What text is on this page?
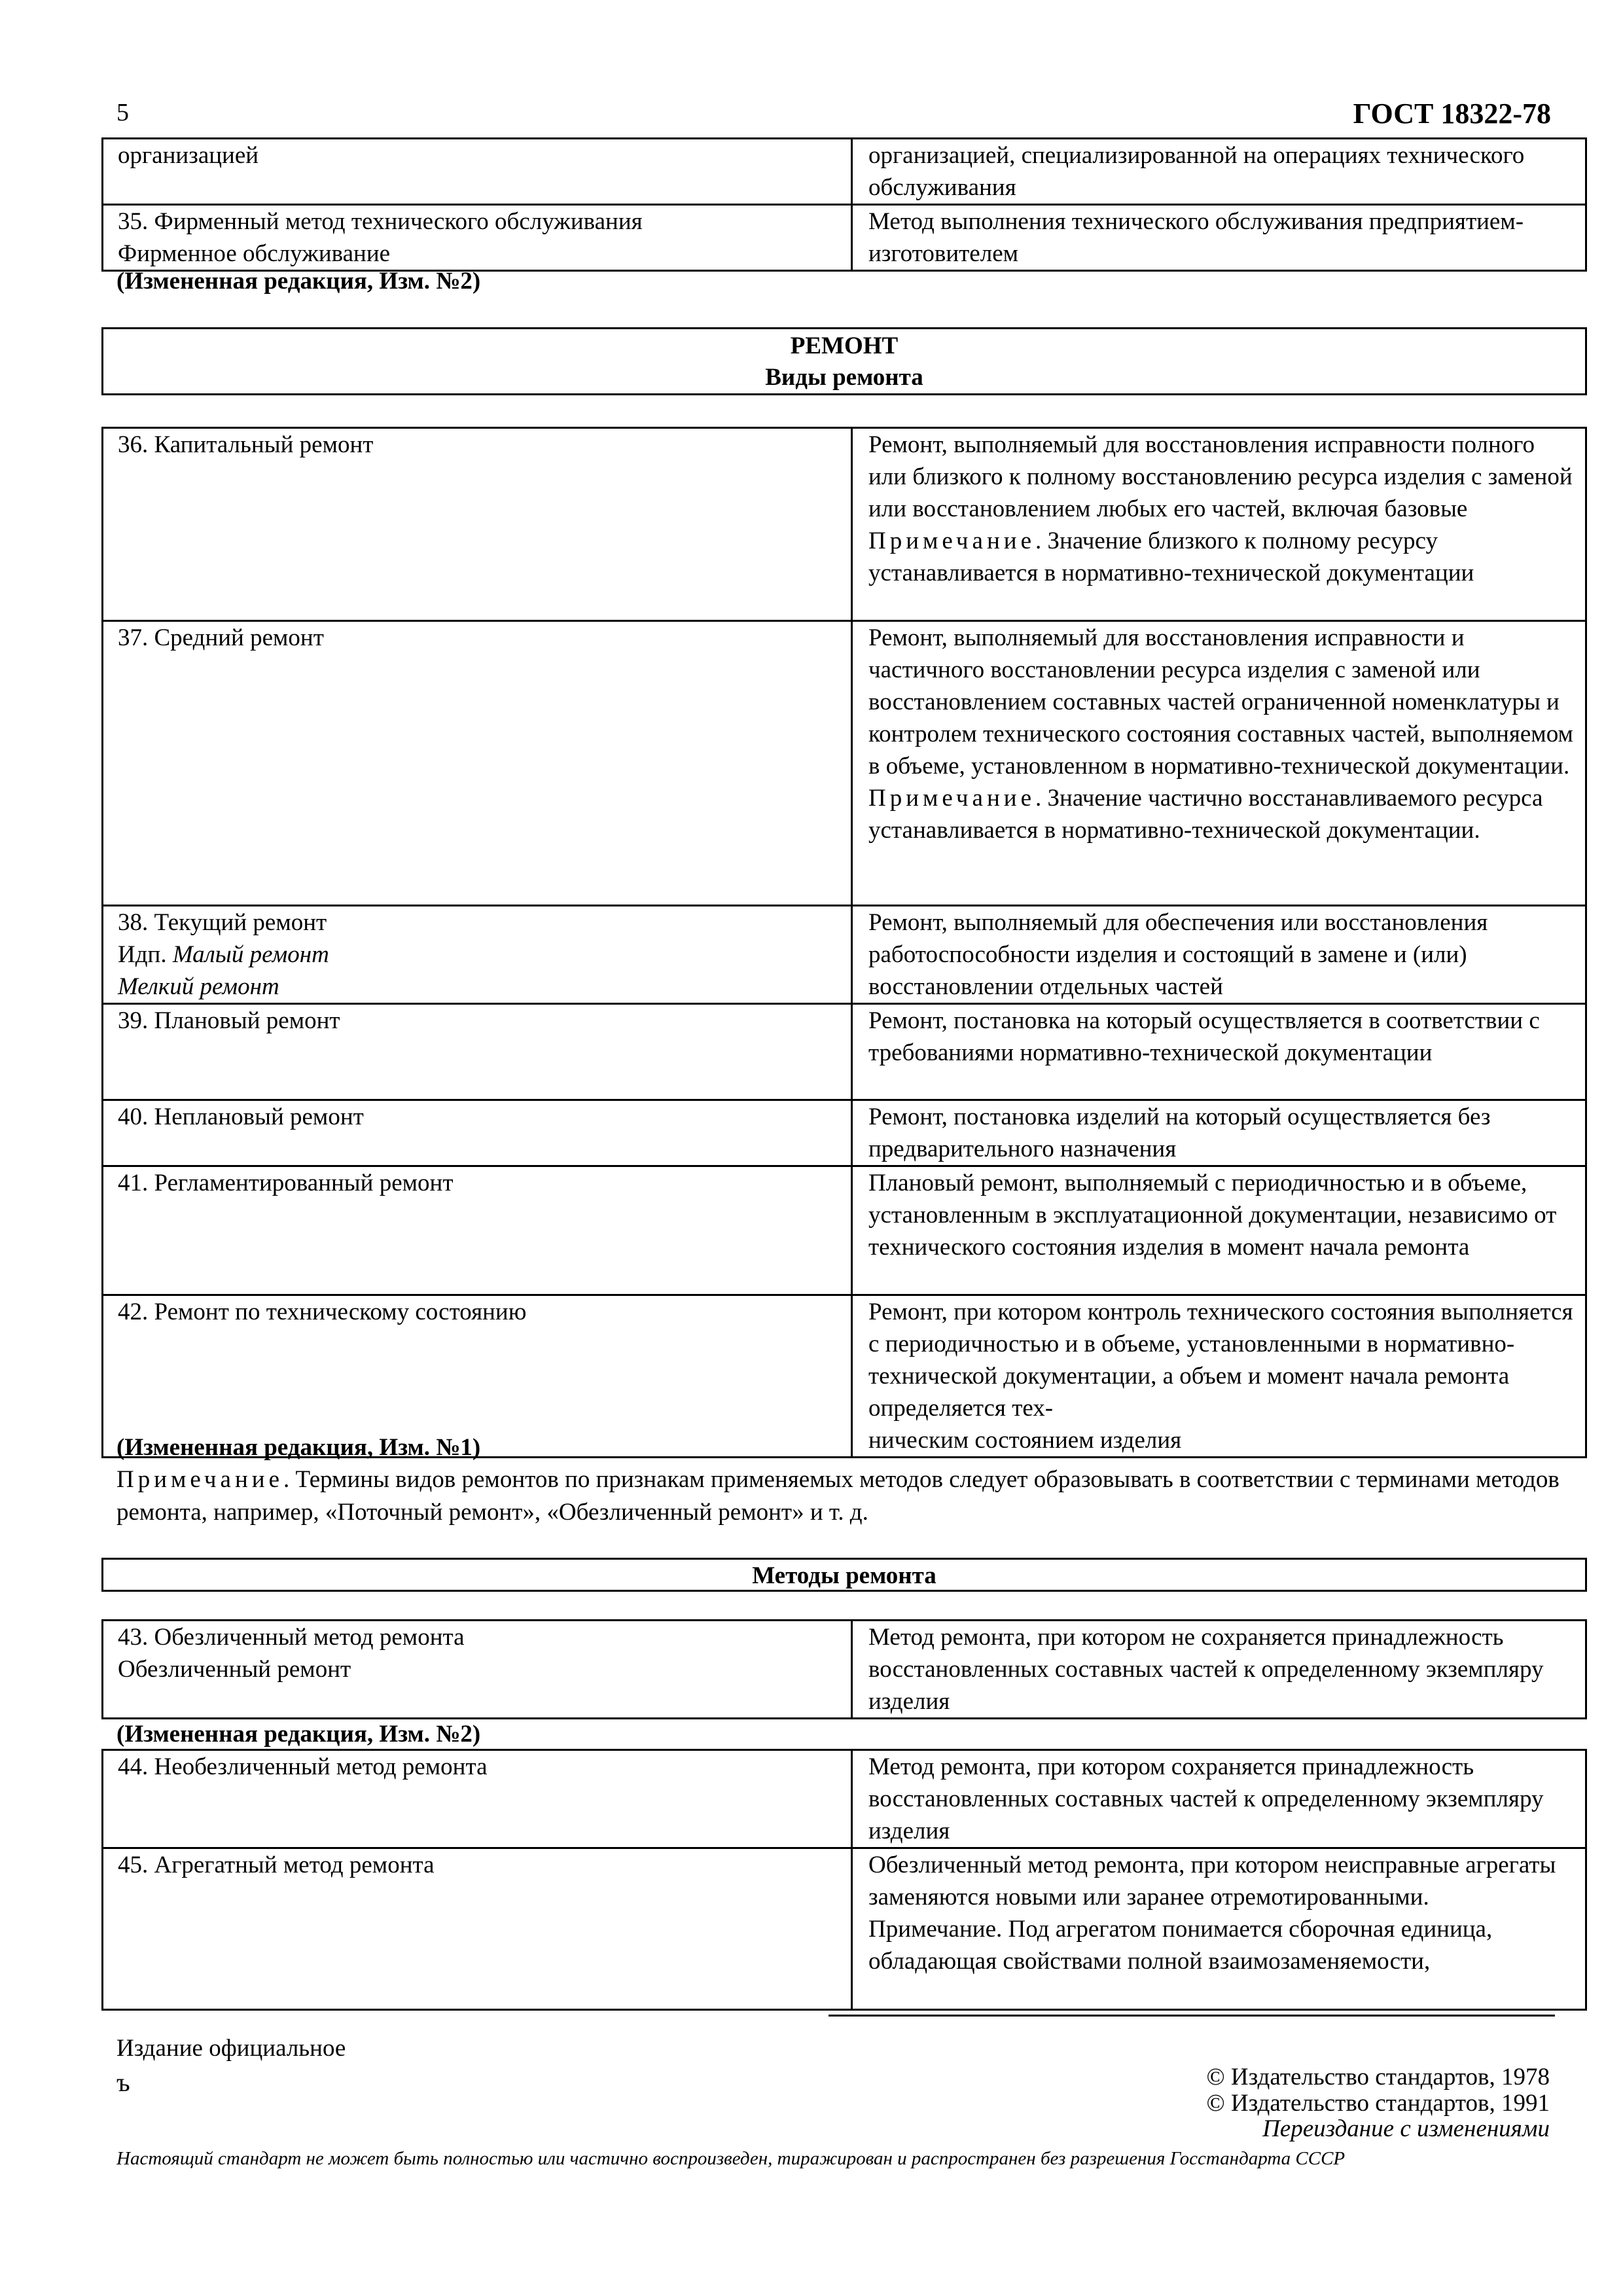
5	ГОСТ 18322-78
организацией	организацией, специализированной на операциях технического обслуживания
35. Фирменный метод технического обслуживания
Фирменное обслуживание	Метод выполнения технического обслуживания предприятием-изготовителем
(Измененная редакция, Изм. №2)
РЕМОНТ
Виды ремонта
36. Капитальный ремонт	Ремонт, выполняемый для восстановления исправности полного или близкого к полному восстановлению ресурса изделия с заменой или восстановлением любых его частей, включая базовые
Примечание. Значение близкого к полному ресурсу устанавливается в нормативно-технической документации
37. Средний ремонт	Ремонт, выполняемый для восстановления исправности и частичного восстановлении ресурса изделия с заменой или восстановлением составных частей ограниченной номенклатуры и контролем технического состояния составных частей, выполняемом в объеме, установленном в нормативно-технической документации.
Примечание. Значение частично восстанавливаемого ресурса устанавливается в нормативно-технической документации.
38. Текущий ремонт
Идп. Малый ремонт
Мелкий ремонт	Ремонт, выполняемый для обеспечения или восстановления работоспособности изделия и состоящий в замене и (или) восстановлении отдельных частей
39. Плановый ремонт	Ремонт, постановка на который осуществляется в соответствии с требованиями нормативно-технической документации
40. Неплановый ремонт	Ремонт, постановка изделий на который осуществляется без предварительного назначения
41. Регламентированный ремонт	Плановый ремонт, выполняемый с периодичностью и в объеме, установленным в эксплуатационной документации, независимо от технического состояния изделия в момент начала ремонта
42. Ремонт по техническому состоянию	Ремонт, при котором контроль технического состояния выполняется с периодичностью и в объеме, установленными в нормативно-технической документации, а объем и момент начала ремонта определяется тех-
ническим состоянием изделия
(Измененная редакция, Изм. №1)
Примечание. Термины видов ремонтов по признакам применяемых методов следует образовывать в соответствии с терминами методов ремонта, например, «Поточный ремонт», «Обезличенный ремонт» и т. д.
Методы ремонта
43. Обезличенный метод ремонта
Обезличенный ремонт	Метод ремонта, при котором не сохраняется принадлежность восстановленных составных частей к определенному экземпляру изделия
(Измененная редакция, Изм. №2)
44. Необезличенный метод ремонта	Метод ремонта, при котором сохраняется принадлежность восстановленных составных частей к определенному экземпляру изделия
45. Агрегатный метод ремонта	Обезличенный метод ремонта, при котором неисправные агрегаты заменяются новыми или заранее отремотированными.
Примечание. Под агрегатом понимается сборочная единица, обладающая свойствами полной взаимозаменяемости,
Издание официальное
ъ	© Издательство стандартов, 1978
© Издательство стандартов, 1991
Переиздание с изменениями
Настоящий стандарт не может быть полностью или частично воспроизведен, тиражирован и распространен без разрешения Госстандарта СССР
